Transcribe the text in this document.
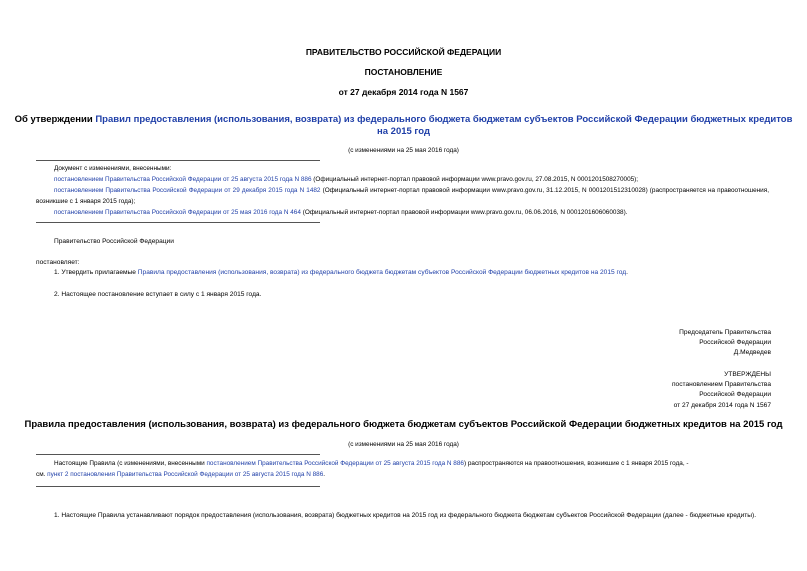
ПРАВИТЕЛЬСТВО РОССИЙСКОЙ ФЕДЕРАЦИИ
ПОСТАНОВЛЕНИЕ
от 27 декабря 2014 года N 1567
Об утверждении Правил предоставления (использования, возврата) из федерального бюджета бюджетам субъектов Российской Федерации бюджетных кредитов
на 2015 год
(с изменениями на 25 мая 2016 года)
Документ с изменениями, внесенными:
постановлением Правительства Российской Федерации от 25 августа 2015 года N 886 (Официальный интернет-портал правовой информации www.pravo.gov.ru, 27.08.2015, N 0001201508270005);
постановлением Правительства Российской Федерации от 29 декабря 2015 года N 1482 (Официальный интернет-портал правовой информации www.pravo.gov.ru, 31.12.2015, N 0001201512310028) (распространяется на правоотношения, возникшие с 1 января 2015 года);
постановлением Правительства Российской Федерации от 25 мая 2016 года N 464 (Официальный интернет-портал правовой информации www.pravo.gov.ru, 06.06.2016, N 0001201606060038).
Правительство Российской Федерации
постановляет:
1. Утвердить прилагаемые Правила предоставления (использования, возврата) из федерального бюджета бюджетам субъектов Российской Федерации бюджетных кредитов на 2015 год.
2. Настоящее постановление вступает в силу с 1 января 2015 года.
Председатель Правительства
Российской Федерации
Д.Медведев
УТВЕРЖДЕНЫ
постановлением Правительства
Российской Федерации
от 27 декабря 2014 года N 1567
Правила предоставления (использования, возврата) из федерального бюджета бюджетам субъектов Российской Федерации бюджетных кредитов на 2015 год
(с изменениями на 25 мая 2016 года)
Настоящие Правила (с изменениями, внесенными постановлением Правительства Российской Федерации от 25 августа 2015 года N 886) распространяются на правоотношения, возникшие с 1 января 2015 года, -
см. пункт 2 постановления Правительства Российской Федерации от 25 августа 2015 года N 886.
1. Настоящие Правила устанавливают порядок предоставления (использования, возврата) бюджетных кредитов на 2015 год из федерального бюджета бюджетам субъектов Российской Федерации (далее - бюджетные кредиты).
